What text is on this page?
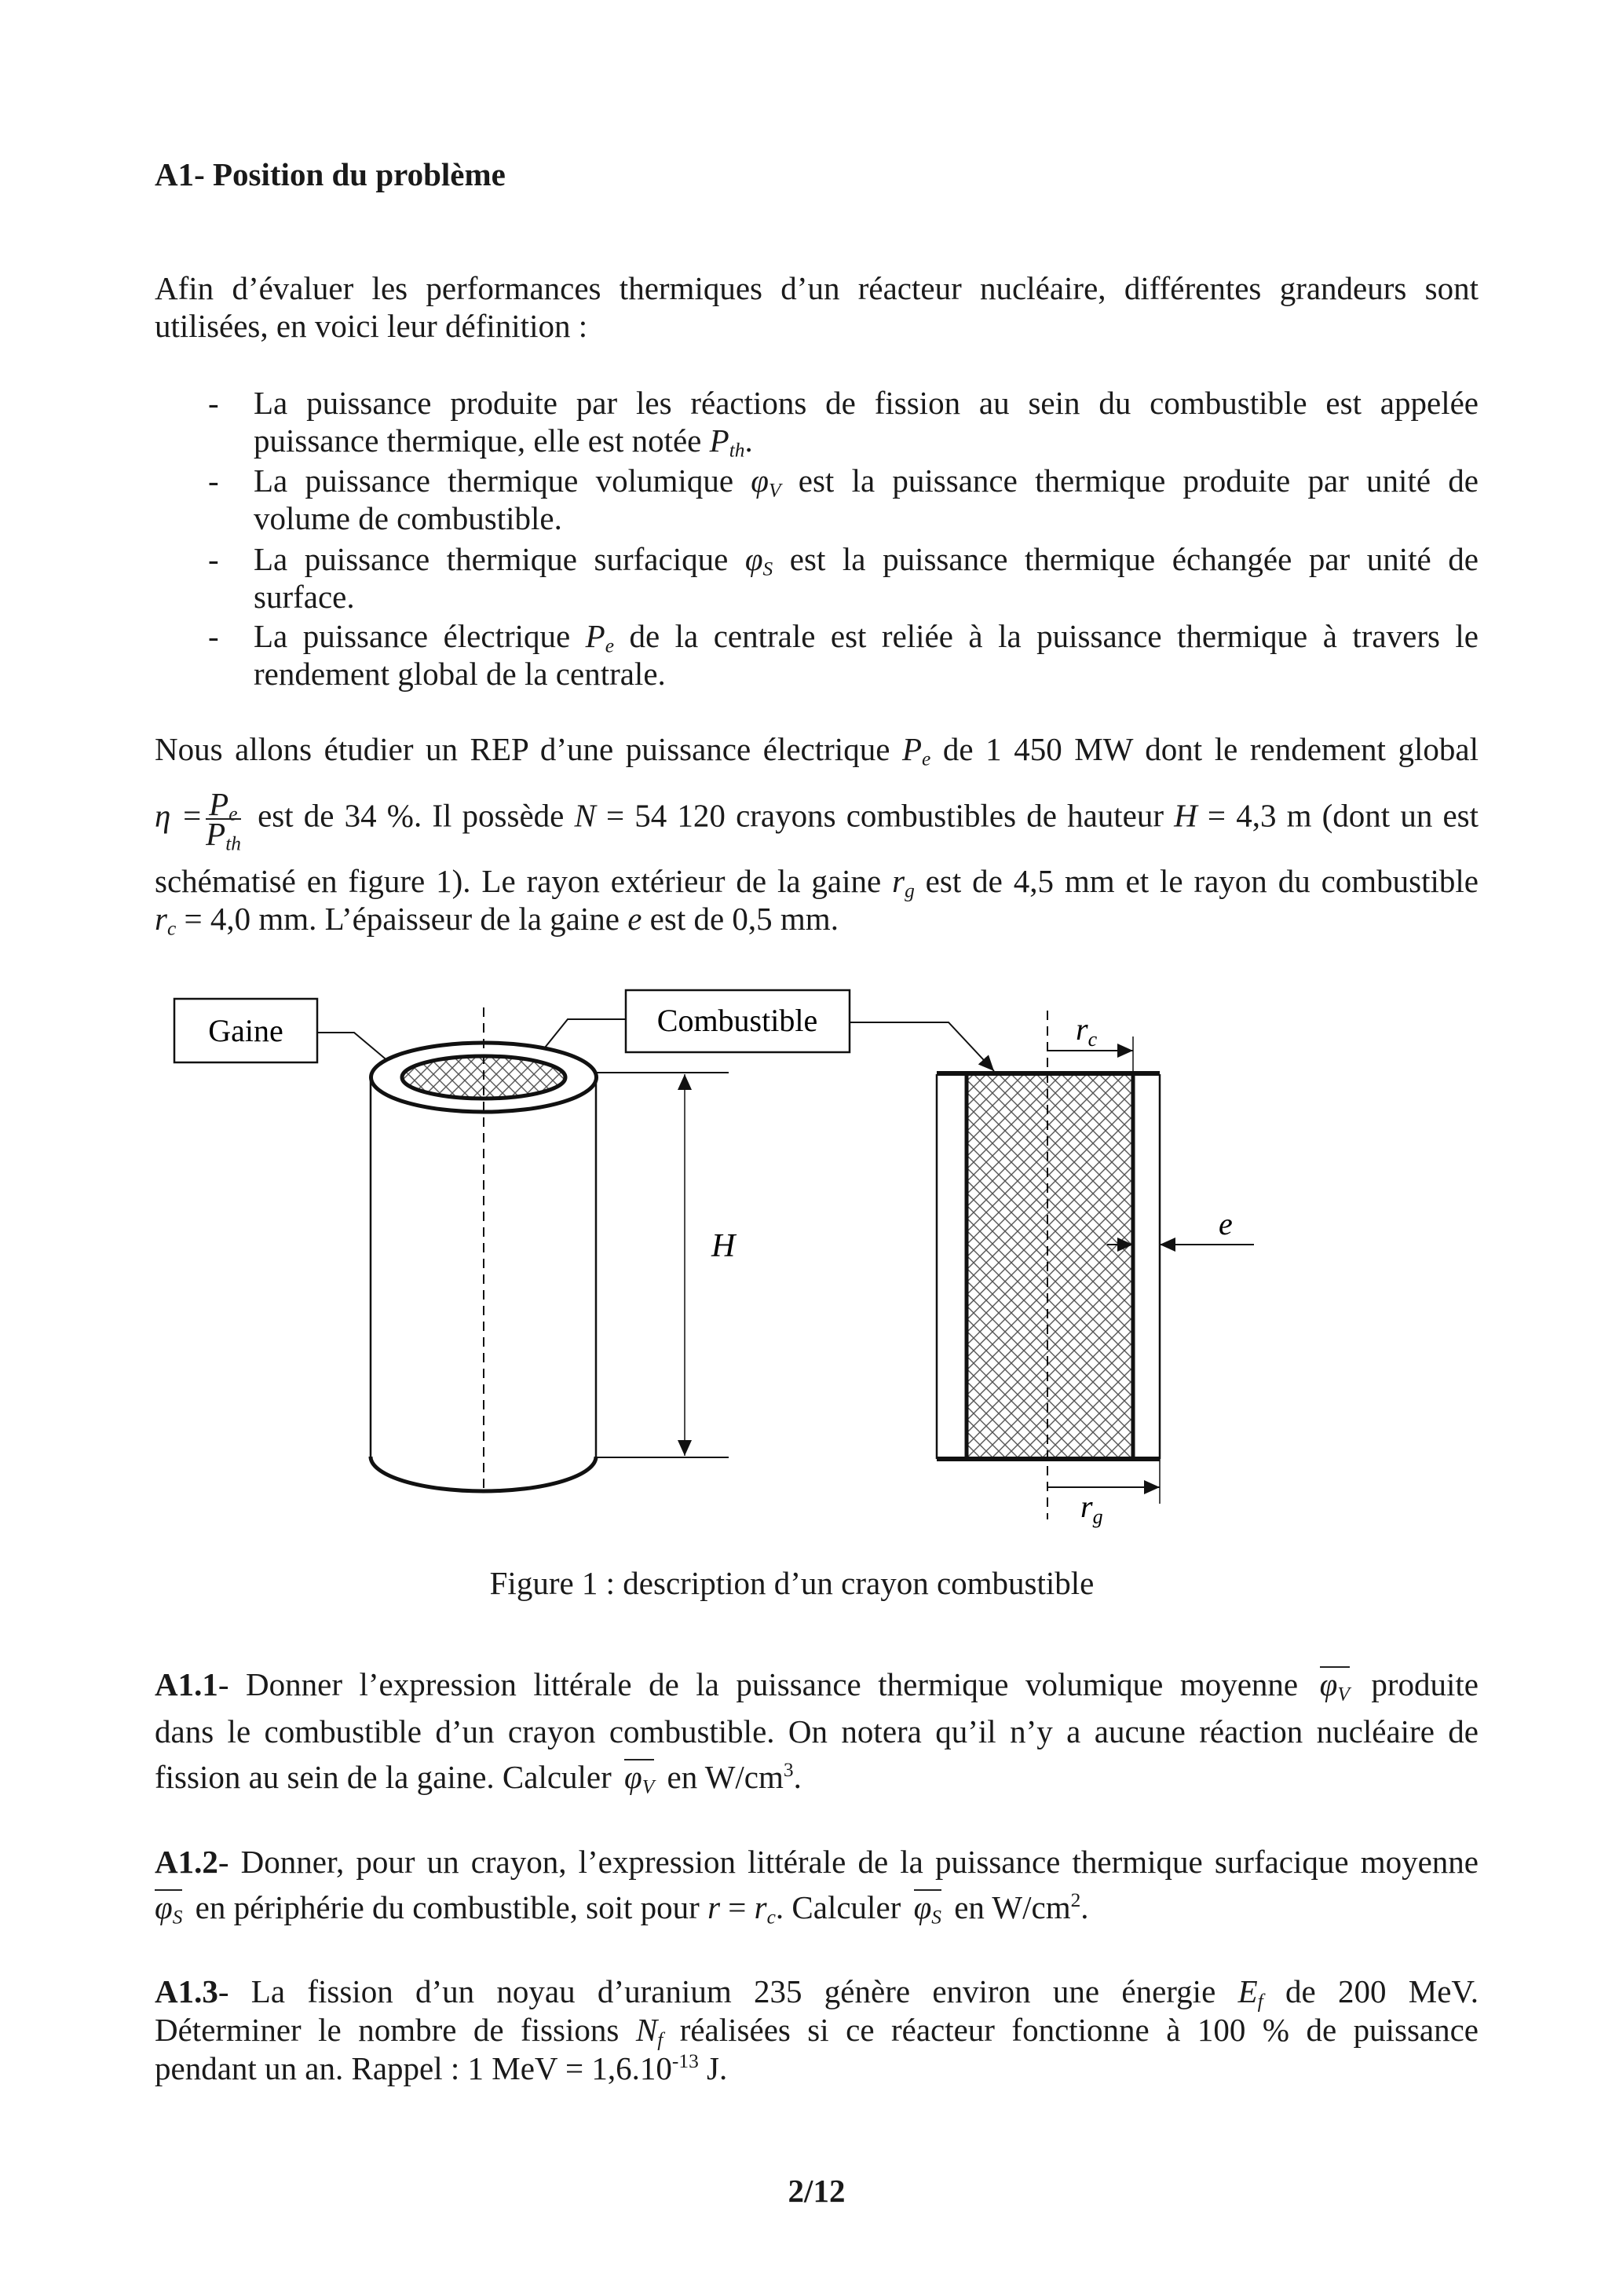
A1- Position du problème
Afin d’évaluer les performances thermiques d’un réacteur nucléaire, différentes grandeurs sont
utilisées, en voici leur définition :
- La puissance produite par les réactions de fission au sein du combustible est appelée
puissance thermique, elle est notée $P_{th}$.
- La puissance thermique volumique $\varphi_V$ est la puissance thermique produite par unité de
volume de combustible.
- La puissance thermique surfacique $\varphi_S$ est la puissance thermique échangée par unité de
surface.
- La puissance électrique $P_e$ de la centrale est reliée à la puissance thermique à travers le
rendement global de la centrale.
Nous allons étudier un REP d’une puissance électrique $P_e$ de 1 450 MW dont le rendement global
$\eta = \frac{P_e}{P_{th}}$ est de 34 %. Il possède N = 54 120 crayons combustibles de hauteur H = 4,3 m (dont un est
schématisé en figure 1). Le rayon extérieur de la gaine $r_g$ est de 4,5 mm et le rayon du combustible
$r_c = 4,0$ mm. L’épaisseur de la gaine e est de 0,5 mm.
Gaine	Combustible
H
$r_c$
$r_g$
e
Figure 1 : description d’un crayon combustible
A1.1- Donner l’expression littérale de la puissance thermique volumique moyenne $\varphi_V$ produite
dans le combustible d’un crayon combustible. On notera qu’il n’y a aucune réaction nucléaire de
fission au sein de la gaine. Calculer $\varphi_V$ en $W/cm^3$.
A1.2- Donner, pour un crayon, l’expression littérale de la puissance thermique surfacique moyenne
$\varphi_S$ en périphérie du combustible, soit pour $r = r_c$. Calculer $\varphi_S$ en $W/cm^2$.
A1.3- La fission d’un noyau d’uranium 235 génère environ une énergie $E_f$ de 200 MeV.
Déterminer le nombre de fissions $N_f$ réalisées si ce réacteur fonctionne à 100 % de puissance
pendant un an. Rappel : 1 MeV = $1,6.10^{-13}$ J.
2/12
